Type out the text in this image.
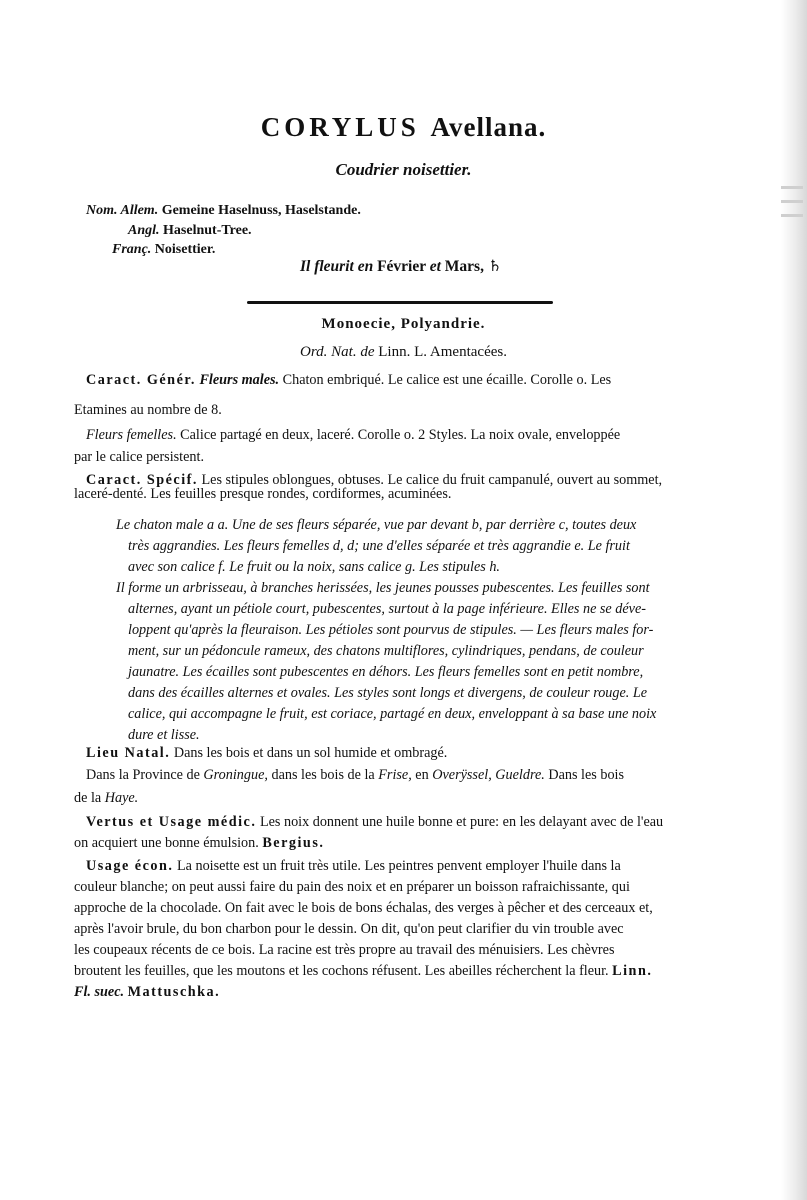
CORYLUS Avellana.
Coudrier noisettier.
Nom. Allem. Gemeine Haselnuss, Haselstande.
Angl. Haselnut-Tree.
Franç. Noisettier.
Il fleurit en Février et Mars, ♄
Monoecie, Polyandrie.
Ord. Nat. de Linn. L. Amentacées.
Caract. Génér. Fleurs males. Chaton embriqué. Le calice est une écaille. Corolle o. Les
Etamines au nombre de 8.
Fleurs femelles. Calice partagé en deux, laceré. Corolle o. 2 Styles. La noix ovale, enveloppée
par le calice persistent.
Caract. Spécif. Les stipules oblongues, obtuses. Le calice du fruit campanulé, ouvert au sommet,
laceré-denté. Les feuilles presque rondes, cordiformes, acuminées.
Le chaton male a a. Une de ses fleurs séparée, vue par devant b, par derrière c, toutes deux
très aggrandies. Les fleurs femelles d, d; une d'elles séparée et très aggrandie e. Le fruit
avec son calice f. Le fruit ou la noix, sans calice g. Les stipules h.
Il forme un arbrisseau, à branches herissées, les jeunes pousses pubescentes. Les feuilles sont
alternes, ayant un pétiole court, pubescentes, surtout à la page inférieure. Elles ne se déve-
loppent qu'après la fleuraison. Les pétioles sont pourvus de stipules. — Les fleurs males for-
ment, sur un pédoncule rameux, des chatons multiflores, cylindriques, pendans, de couleur
jaunatre. Les écailles sont pubescentes en déhors. Les fleurs femelles sont en petit nombre,
dans des écailles alternes et ovales. Les styles sont longs et divergens, de couleur rouge. Le
calice, qui accompagne le fruit, est coriace, partagé en deux, enveloppant à sa base une noix
dure et lisse.
Lieu Natal. Dans les bois et dans un sol humide et ombragé.
Dans la Province de Groningue, dans les bois de la Frise, en Overÿssel, Gueldre. Dans les bois
de la Haye.
Vertus et Usage médic. Les noix donnent une huile bonne et pure: en les delayant avec de l'eau
on acquiert une bonne émulsion. Bergius.
Usage écon. La noisette est un fruit très utile. Les peintres penvent employer l'huile dans la
couleur blanche; on peut aussi faire du pain des noix et en préparer un boisson rafraichissante, qui
approche de la chocolade. On fait avec le bois de bons échalas, des verges à pêcher et des cerceaux et,
après l'avoir brule, du bon charbon pour le dessin. On dit, qu'on peut clarifier du vin trouble avec
les coupeaux récents de ce bois. La racine est très propre au travail des ménuisiers. Les chèvres
broutent les feuilles, que les moutons et les cochons réfusent. Les abeilles récherchent la fleur. Linn.
Fl. suec. Mattuschka.
